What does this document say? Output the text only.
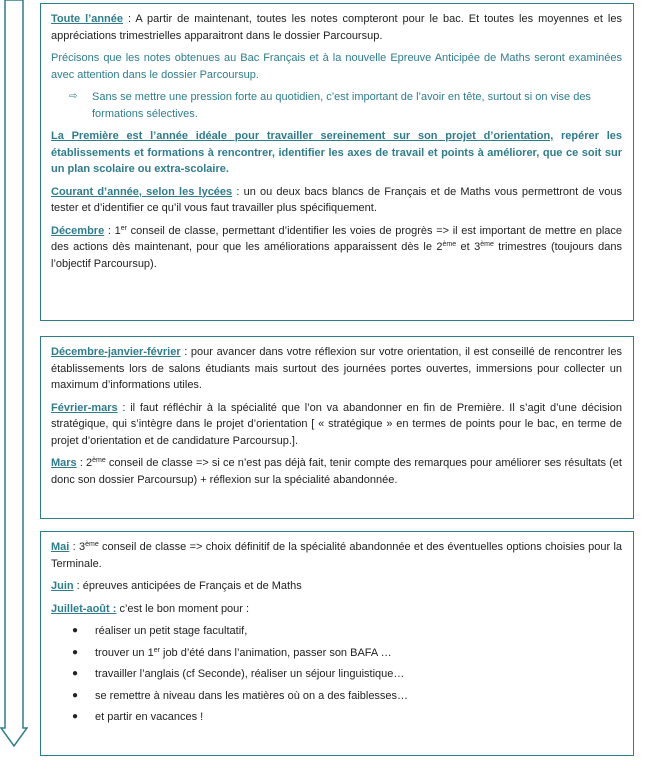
Toute l’année : A partir de maintenant, toutes les notes compteront pour le bac. Et toutes les moyennes et les appréciations trimestrielles apparaitront dans le dossier Parcoursup.

Précisons que les notes obtenues au Bac Français et à la nouvelle Epreuve Anticipée de Maths seront examinées avec attention dans le dossier Parcoursup.

⇨	Sans se mettre une pression forte au quotidien, c’est important de l’avoir en tête, surtout si on vise des formations sélectives.

La Première est l’année idéale pour travailler sereinement sur son projet d’orientation, repérer les établissements et formations à rencontrer, identifier les axes de travail et points à améliorer, que ce soit sur un plan scolaire ou extra-scolaire.

Courant d’année, selon les lycées : un ou deux bacs blancs de Français et de Maths vous permettront de vous tester et d’identifier ce qu’il vous faut travailler plus spécifiquement.

Décembre : 1er conseil de classe, permettant d’identifier les voies de progrès => il est important de mettre en place des actions dès maintenant, pour que les améliorations apparaissent dès le 2ème et 3ème trimestres (toujours dans l’objectif Parcoursup).

Décembre-janvier-février : pour avancer dans votre réflexion sur votre orientation, il est conseillé de rencontrer les établissements lors de salons étudiants mais surtout des journées portes ouvertes, immersions pour collecter un maximum d’informations utiles.

Février-mars : il faut réfléchir à la spécialité que l’on va abandonner en fin de Première. Il s’agit d’une décision stratégique, qui s’intègre dans le projet d’orientation [ « stratégique » en termes de points pour le bac, en terme de projet d’orientation et de candidature Parcoursup.].

Mars : 2ème conseil de classe => si ce n’est pas déjà fait, tenir compte des remarques pour améliorer ses résultats (et donc son dossier Parcoursup) + réflexion sur la spécialité abandonnée.

Mai : 3ème conseil de classe => choix définitif de la spécialité abandonnée et des éventuelles options choisies pour la Terminale.

Juin : épreuves anticipées de Français et de Maths

Juillet-août : c’est le bon moment pour :

●	réaliser un petit stage facultatif,
●	trouver un 1er job d’été dans l’animation, passer son BAFA …
●	travailler l’anglais (cf Seconde), réaliser un séjour linguistique…
●	se remettre à niveau dans les matières où on a des faiblesses…
●	et partir en vacances !
